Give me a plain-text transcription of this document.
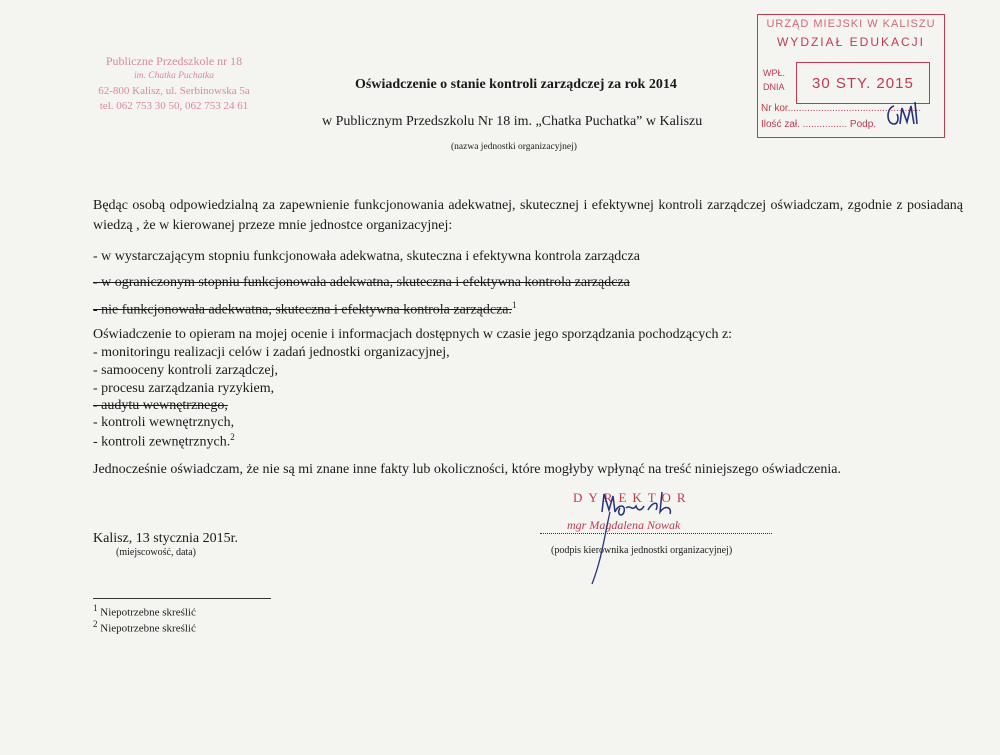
Publiczne Przedszkole nr 18
im. Chatka Puchatka
62-800 Kalisz, ul. Serbinowska 5a
tel. 062 753 30 50, 062 753 24 61
Oświadczenie o stanie kontroli zarządczej za rok 2014
w Publicznym Przedszkolu Nr 18 im. „Chatka Puchatka” w Kaliszu
(nazwa jednostki organizacyjnej)
URZĄD MIEJSKI W KALISZU
WYDZIAŁ EDUKACJI
WPŁ.
DNIA 30 STY. 2015
Nr kor................................................
Ilość zał. ................ Podp.
Będąc osobą odpowiedzialną za zapewnienie funkcjonowania adekwatnej, skutecznej i efektywnej kontroli zarządczej oświadczam, zgodnie z posiadaną wiedzą , że w kierowanej przeze mnie jednostce organizacyjnej:
- w wystarczającym stopniu funkcjonowała adekwatna, skuteczna i efektywna kontrola zarządcza
- w ograniczonym stopniu funkcjonowała adekwatna, skuteczna i efektywna kontrola zarządcza
- nie funkcjonowała adekwatna, skuteczna i efektywna kontrola zarządcza.$^1$
Oświadczenie to opieram na mojej ocenie i informacjach dostępnych w czasie jego sporządzania pochodzących z:
- monitoringu realizacji celów i zadań jednostki organizacyjnej,
- samooceny kontroli zarządczej,
- procesu zarządzania ryzykiem,
- audytu wewnętrznego,
- kontroli wewnętrznych,
- kontroli zewnętrznych.$^2$
Jednocześnie oświadczam, że nie są mi znane inne fakty lub okoliczności, które mogłyby wpłynąć na treść niniejszego oświadczenia.
Kalisz, 13 stycznia 2015r.
(miejscowość, data)
DYREKTOR
mgr Magdalena Nowak
(podpis kierownika jednostki organizacyjnej)
$^1$ Niepotrzebne skreślić
$^2$ Niepotrzebne skreślić
